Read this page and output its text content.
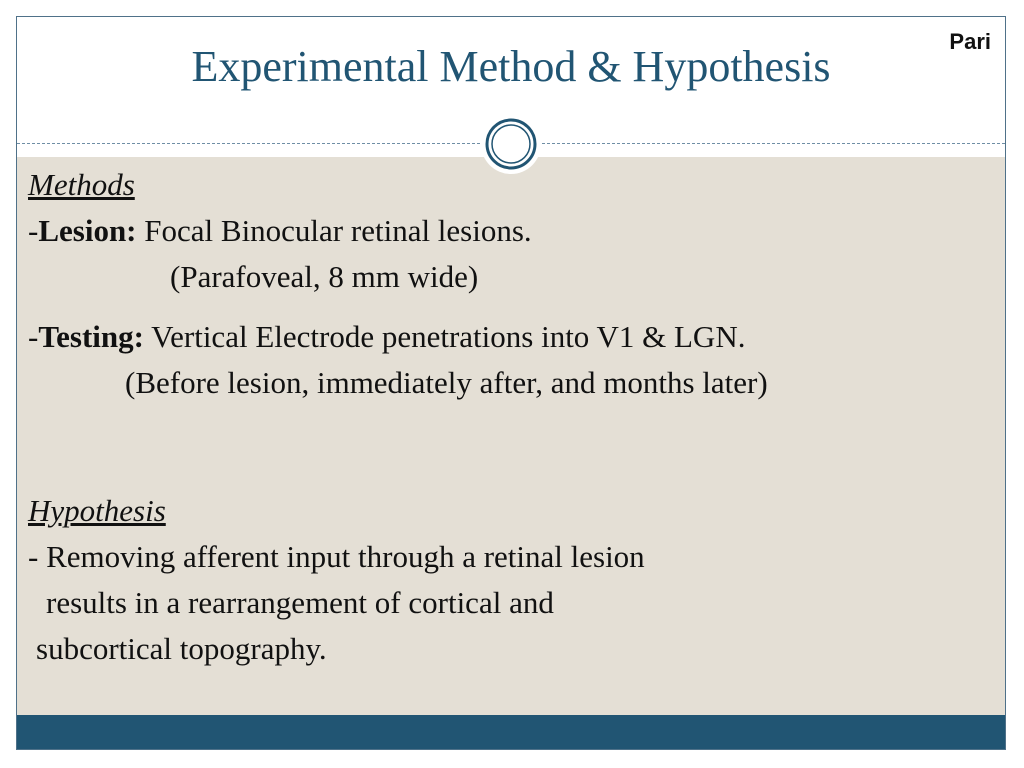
Experimental Method & Hypothesis
Pari
Methods
-Lesion: Focal Binocular retinal lesions.
(Parafoveal, 8 mm wide)
-Testing: Vertical Electrode penetrations into V1 & LGN.
(Before lesion, immediately after, and months later)
Hypothesis
- Removing afferent input through a retinal lesion
results in a rearrangement of cortical and
subcortical topography.
